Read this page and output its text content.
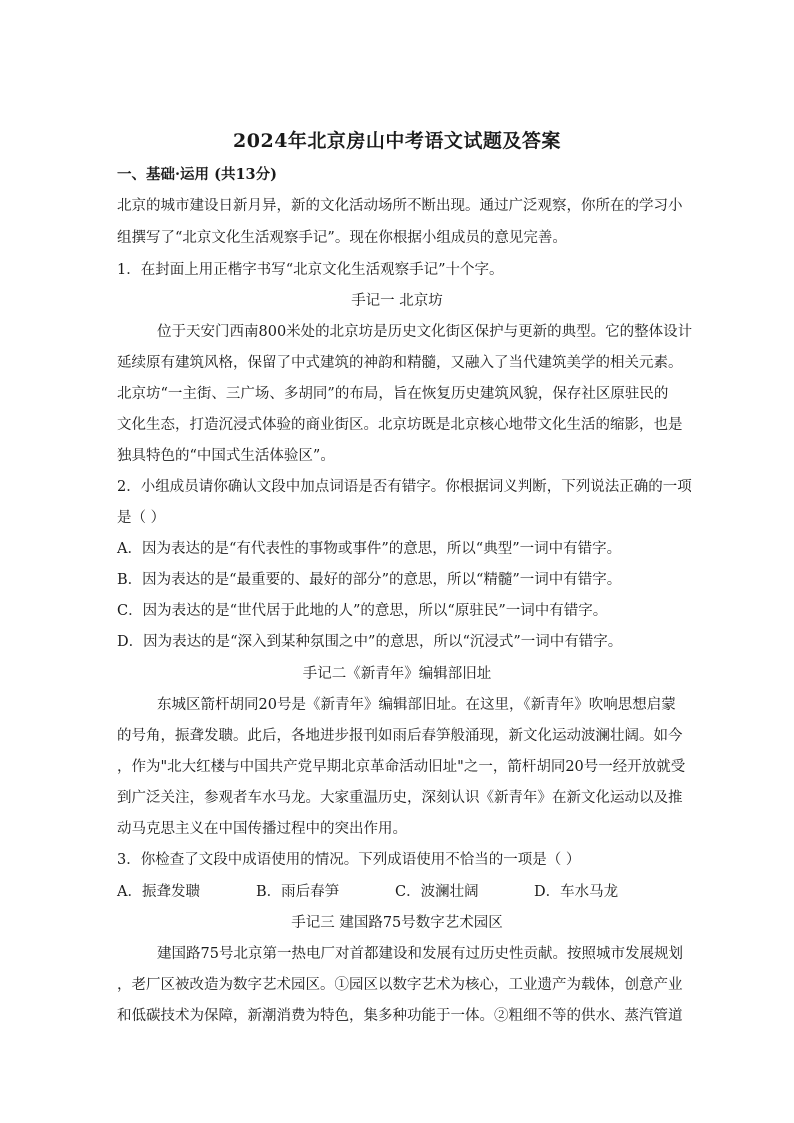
2024年北京房山中考语文试题及答案
一、基础·运用 (共13分)
北京的城市建设日新月异，新的文化活动场所不断出现。通过广泛观察，你所在的学习小
组撰写了“北京文化生活观察手记”。现在你根据小组成员的意见完善。
1．在封面上用正楷字书写“北京文化生活观察手记”十个字。
手记一 北京坊
位于天安门西南800米处的北京坊是历史文化街区保护与更新的典型。它的整体设计
延续原有建筑风格，保留了中式建筑的神韵和精髓，又融入了当代建筑美学的相关元素。
北京坊“一主街、三广场、多胡同”的布局，旨在恢复历史建筑风貌，保存社区原驻民的
文化生态，打造沉浸式体验的商业街区。北京坊既是北京核心地带文化生活的缩影，也是
独具特色的“中国式生活体验区”。
2．小组成员请你确认文段中加点词语是否有错字。你根据词义判断，下列说法正确的一项
是（ ）
A．因为表达的是“有代表性的事物或事件”的意思，所以“典型”一词中有错字。
B．因为表达的是“最重要的、最好的部分”的意思，所以“精髓”一词中有错字。
C．因为表达的是“世代居于此地的人”的意思，所以“原驻民”一词中有错字。
D．因为表达的是“深入到某种氛围之中”的意思，所以“沉浸式”一词中有错字。
手记二《新青年》编辑部旧址
东城区箭杆胡同20号是《新青年》编辑部旧址。在这里，《新青年》吹响思想启蒙
的号角，振聋发聩。此后，各地进步报刊如雨后春笋般涌现，新文化运动波澜壮阔。如今
，作为"北大红楼与中国共产党早期北京革命活动旧址"之一，箭杆胡同20号一经开放就受
到广泛关注，参观者车水马龙。大家重温历史，深刻认识《新青年》在新文化运动以及推
动马克思主义在中国传播过程中的突出作用。
3．你检查了文段中成语使用的情况。下列成语使用不恰当的一项是（ ）
A．振聋发聩	B．雨后春笋	C．波澜壮阔	D．车水马龙
手记三 建国路75号数字艺术园区
建国路75号北京第一热电厂对首都建设和发展有过历史性贡献。按照城市发展规划
，老厂区被改造为数字艺术园区。①园区以数字艺术为核心，工业遗产为载体，创意产业
和低碳技术为保障，新潮消费为特色，集多种功能于一体。②粗细不等的供水、蒸汽管道
